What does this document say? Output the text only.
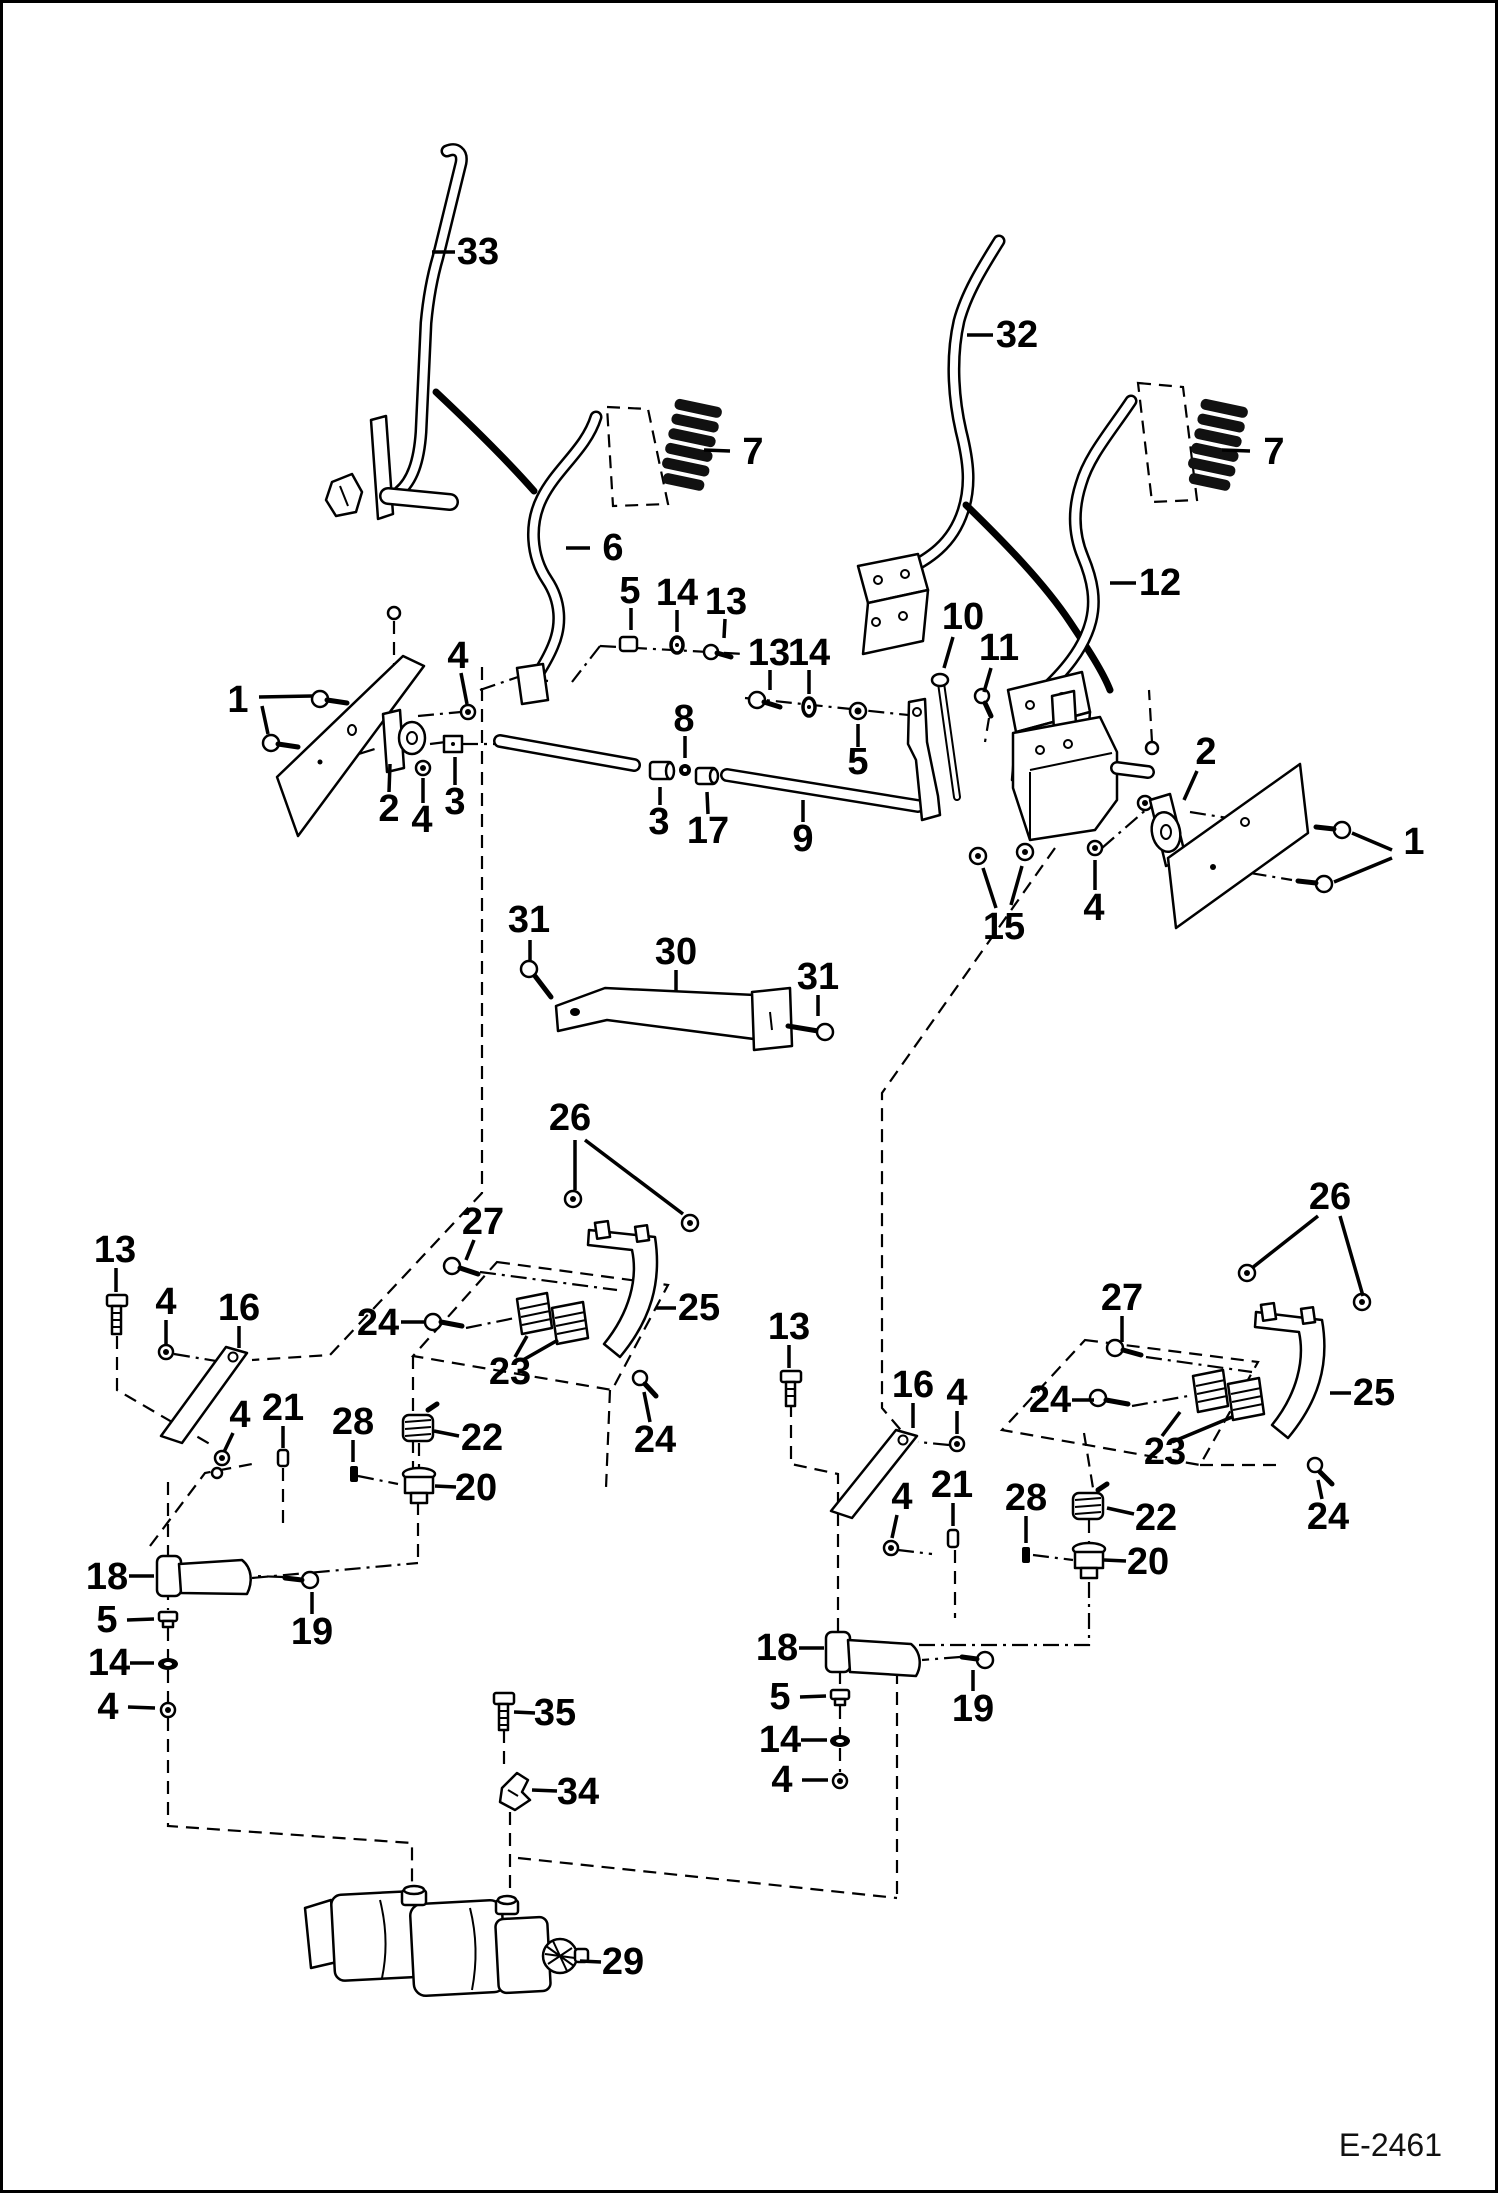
33
6
7
32
7
12
5 14 13
13
14
4
1	8
5
2 4 3	3 17 9
10
11
15 4
2
1
31
30
31
26
27
25
24
23
22
28	24
20
13
4 16
4 21
18
5
14
4
19
26
27
25
24
23
28 22
20
24
13
16 4
4 21
18
5
14
4
19
35
34
29
E-2461
